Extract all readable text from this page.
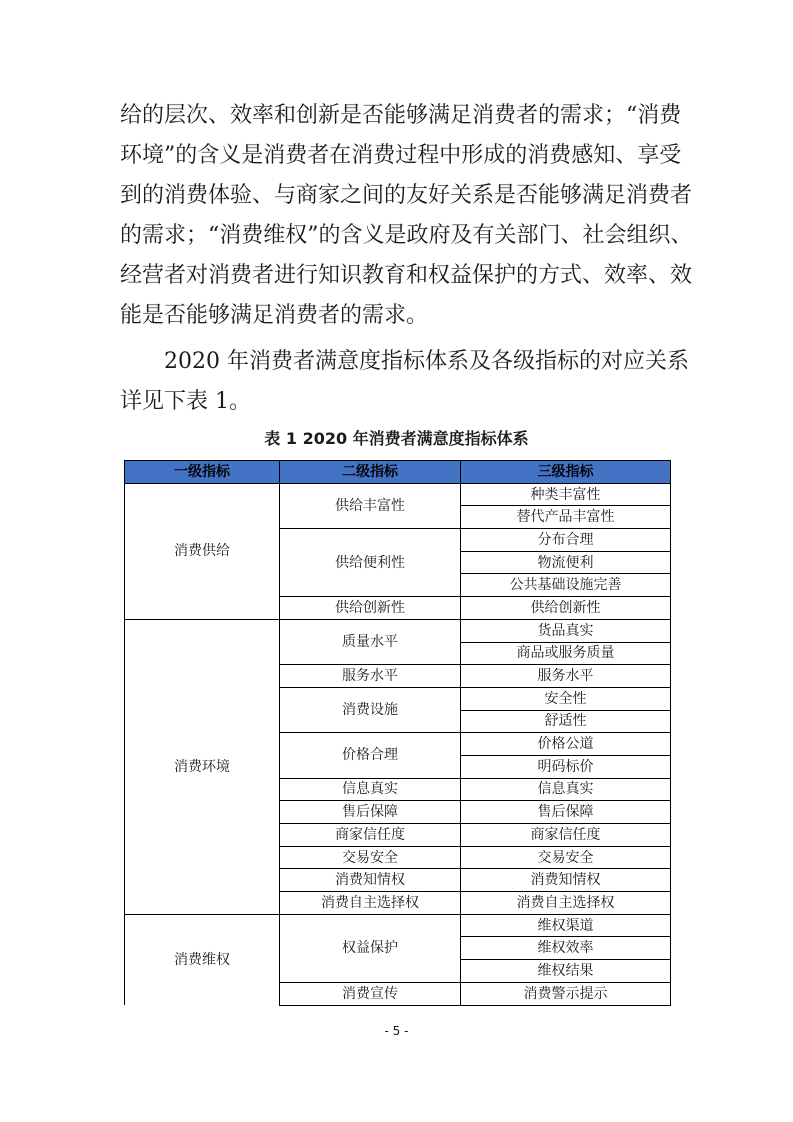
给的层次、效率和创新是否能够满足消费者的需求；“消费
环境”的含义是消费者在消费过程中形成的消费感知、享受
到的消费体验、与商家之间的友好关系是否能够满足消费者
的需求；“消费维权”的含义是政府及有关部门、社会组织、
经营者对消费者进行知识教育和权益保护的方式、效率、效
能是否能够满足消费者的需求。
　　2020 年消费者满意度指标体系及各级指标的对应关系
详见下表 1。
表 1 2020 年消费者满意度指标体系
一级指标	二级指标	三级指标
消费供给	供给丰富性	种类丰富性
		替代产品丰富性
	供给便利性	分布合理
		物流便利
		公共基础设施完善
	供给创新性	供给创新性
消费环境	质量水平	货品真实
		商品或服务质量
	服务水平	服务水平
	消费设施	安全性
		舒适性
	价格合理	价格公道
		明码标价
	信息真实	信息真实
	售后保障	售后保障
	商家信任度	商家信任度
	交易安全	交易安全
	消费知情权	消费知情权
	消费自主选择权	消费自主选择权
消费维权	权益保护	维权渠道
		维权效率
		维权结果
	消费宣传	消费警示提示
- 5 -
